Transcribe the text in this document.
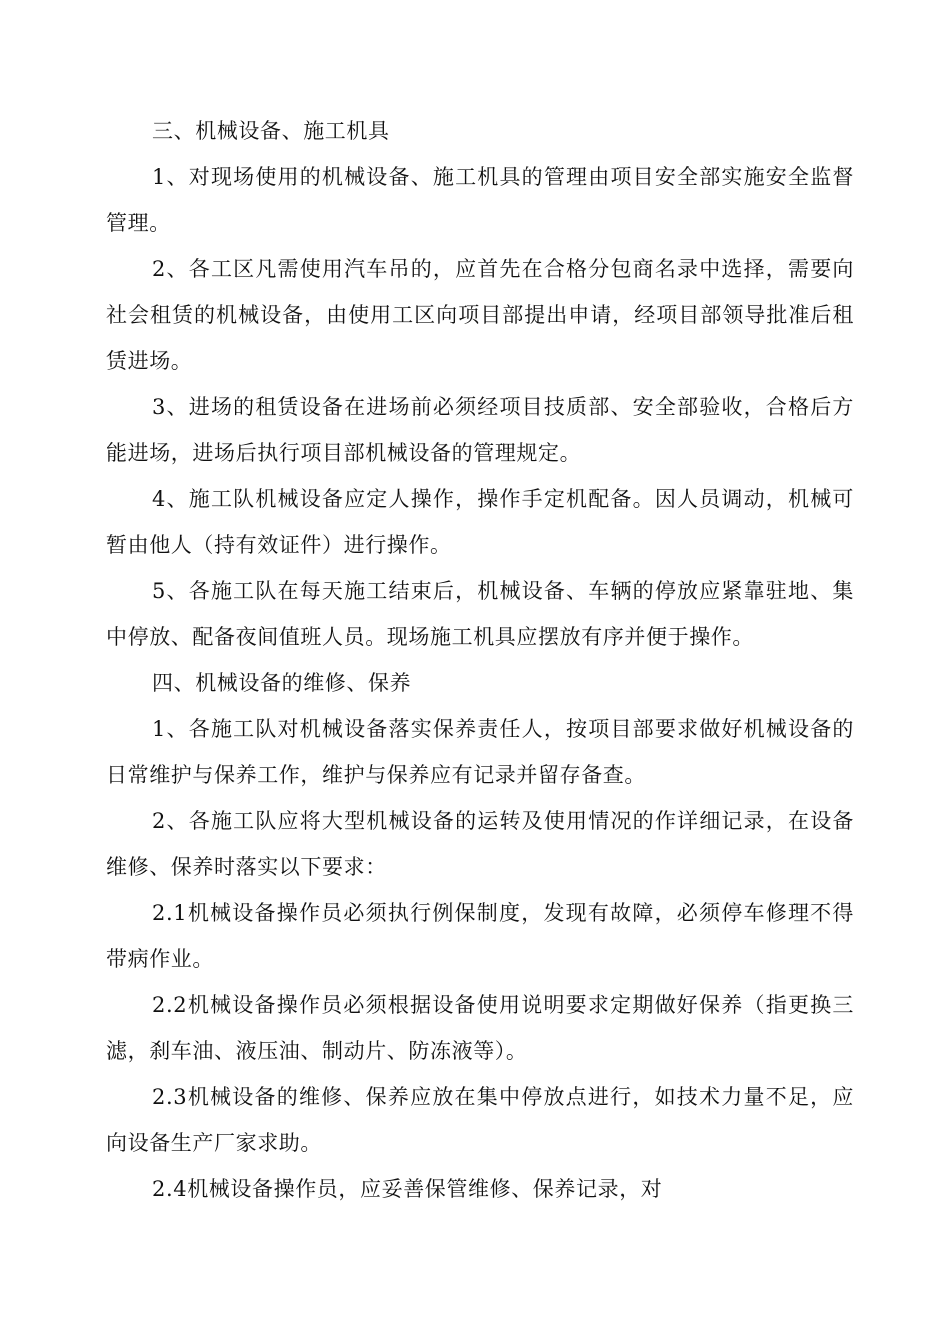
三、机械设备、施工机具

1、对现场使用的机械设备、施工机具的管理由项目安全部实施安全监督管理。

2、各工区凡需使用汽车吊的，应首先在合格分包商名录中选择，需要向社会租赁的机械设备，由使用工区向项目部提出申请，经项目部领导批准后租赁进场。

3、进场的租赁设备在进场前必须经项目技质部、安全部验收，合格后方能进场，进场后执行项目部机械设备的管理规定。

4、施工队机械设备应定人操作，操作手定机配备。因人员调动，机械可暂由他人（持有效证件）进行操作。

5、各施工队在每天施工结束后，机械设备、车辆的停放应紧靠驻地、集中停放、配备夜间值班人员。现场施工机具应摆放有序并便于操作。

四、机械设备的维修、保养

1、各施工队对机械设备落实保养责任人，按项目部要求做好机械设备的日常维护与保养工作，维护与保养应有记录并留存备查。

2、各施工队应将大型机械设备的运转及使用情况的作详细记录，在设备维修、保养时落实以下要求：

2.1机械设备操作员必须执行例保制度，发现有故障，必须停车修理不得带病作业。

2.2机械设备操作员必须根据设备使用说明要求定期做好保养（指更换三滤，刹车油、液压油、制动片、防冻液等）。

2.3机械设备的维修、保养应放在集中停放点进行，如技术力量不足，应向设备生产厂家求助。

2.4机械设备操作员，应妥善保管维修、保养记录，对
